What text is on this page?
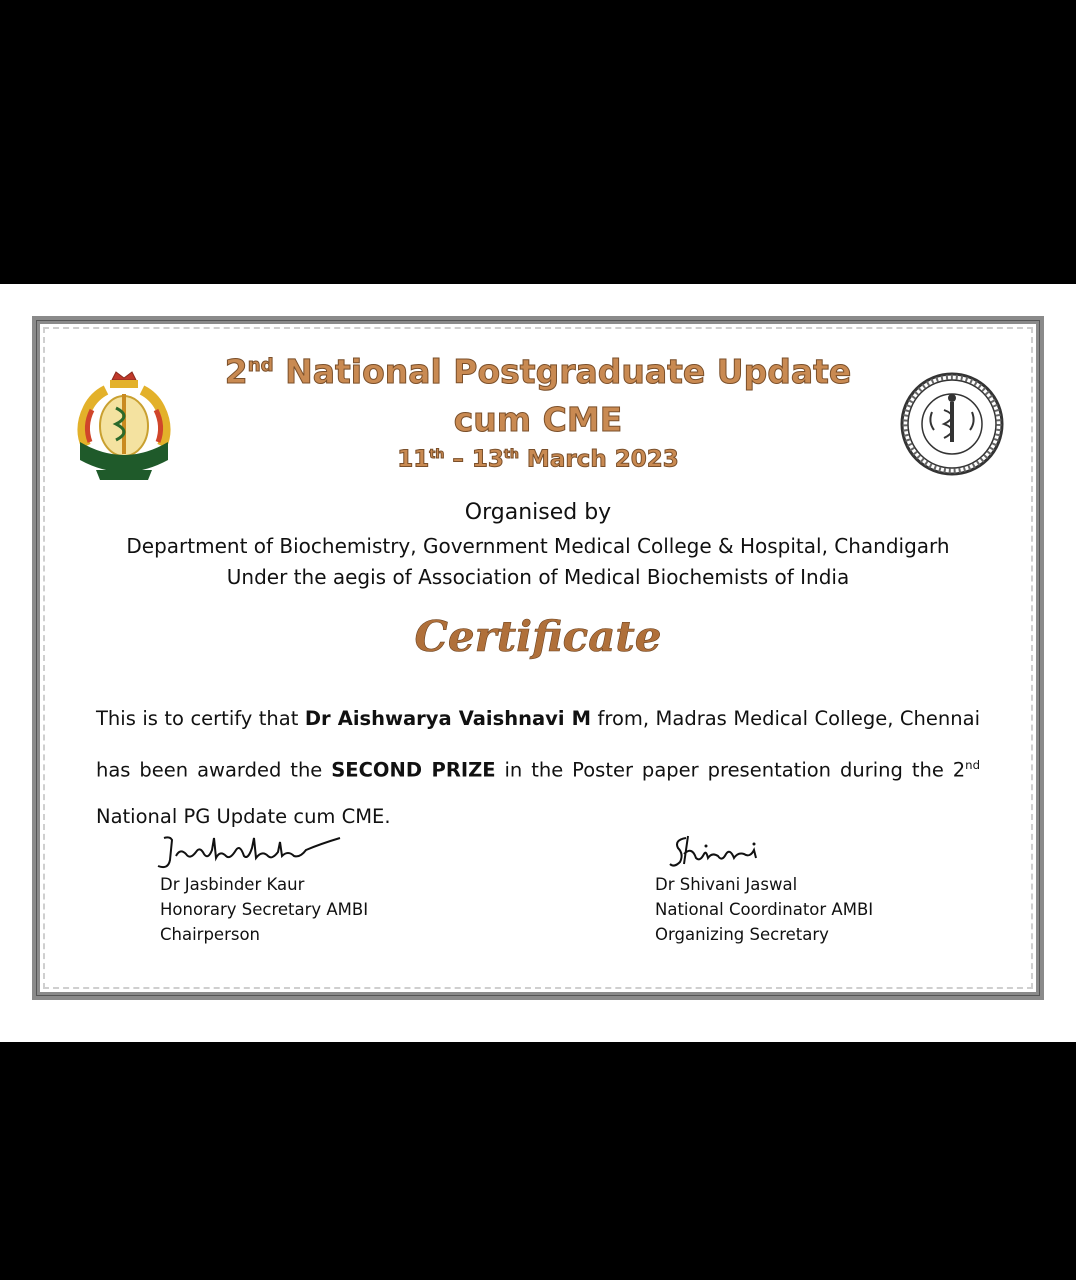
2nd National Postgraduate Update
cum CME
11th – 13th March 2023
Organised by
Department of Biochemistry, Government Medical College & Hospital, Chandigarh
Under the aegis of Association of Medical Biochemists of India
Certificate
This is to certify that Dr Aishwarya Vaishnavi M from, Madras Medical College, Chennai has been awarded the SECOND PRIZE in the Poster paper presentation during the 2nd National PG Update cum CME.
Dr Jasbinder Kaur
Honorary Secretary AMBI
Chairperson
Dr Shivani Jaswal
National Coordinator AMBI
Organizing Secretary
